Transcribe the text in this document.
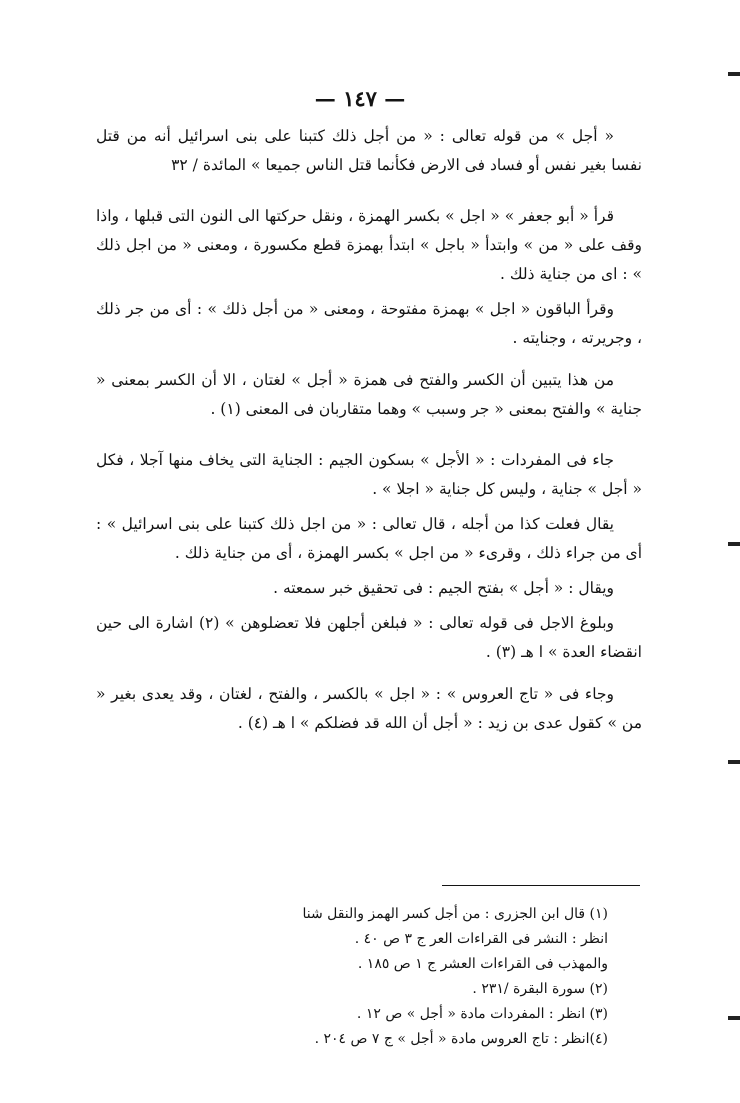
— ١٤٧ —

« أجل » من قوله تعالى : « من أجل ذلك كتبنا على بنى اسرائيل أنه من قتل نفسا بغير نفس أو فساد فى الارض فكأنما قتل الناس جميعا » المائدة / ٣٢

قرأ « أبو جعفر » « اجل » بكسر الهمزة ، ونقل حركتها الى النون التى قبلها ، واذا وقف على « من » وابتدأ « باجل » ابتدأ بهمزة قطع مكسورة ، ومعنى « من اجل ذلك » : اى من جناية ذلك .

وقرأ الباقون « اجل » بهمزة مفتوحة ، ومعنى « من أجل ذلك » : أى من جر ذلك ، وجريرته ، وجنايته .

من هذا يتبين أن الكسر والفتح فى همزة « أجل » لغتان ، الا أن الكسر بمعنى « جناية » والفتح بمعنى « جر وسبب » وهما متقاربان فى المعنى (١) .

جاء فى المفردات : « الأجل » بسكون الجيم : الجناية التى يخاف منها آجلا ، فكل « أجل » جناية ، وليس كل جناية « اجلا » .

يقال فعلت كذا من أجله ، قال تعالى : « من اجل ذلك كتبنا على بنى اسرائيل » : أى من جراء ذلك ، وقرىء « من اجل » بكسر الهمزة ، أى من جناية ذلك .

ويقال : « أجل » بفتح الجيم : فى تحقيق خبر سمعته .

وبلوغ الاجل فى قوله تعالى : « فبلغن أجلهن فلا تعضلوهن » (٢) اشارة الى حين انقضاء العدة » ا هـ (٣) .

وجاء فى « تاج العروس » : « اجل » بالكسر ، والفتح ، لغتان ، وقد يعدى بغير « من » كقول عدى بن زيد : « أجل أن الله قد فضلكم » ا هـ (٤) .

(١) قال ابن الجزرى : من أجل كسر الهمز والنقل شنا

انظر : النشر فى القراءات العر ج ٣ ص ٤٠ .

والمهذب فى القراءات العشر ج ١ ص ١٨٥ .

(٢) سورة البقرة /٢٣١ .

(٣) انظر : المفردات مادة « أجل » ص ١٢ .

(٤)انظر : تاج العروس مادة « أجل » ج ٧ ص ٢٠٤ .
